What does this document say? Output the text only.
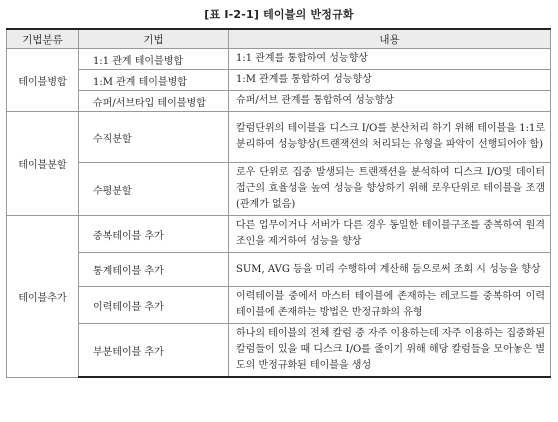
[표 Ⅰ-2-1] 테이블의 반정규화
기법분류	기법	내용
테이블병합	1:1 관계 테이블병합	1:1 관계를 통합하여 성능향상
	1:M 관계 테이블병합	1:M 관계를 통합하여 성능향상
	슈퍼/서브타입 테이블병합	슈퍼/서브 관계를 통합하여 성능향상
테이블분할	수직분할	칼럼단위의 테이블을 디스크 I/O를 분산처리 하기 위해 테이블을 1:1로 분리하여 성능향상(트랜잭션의 처리되는 유형을 파악이 선행되어야 함)
	수평분할	로우 단위로 집중 발생되는 트랜잭션을 분석하여 디스크 I/O및 데이터접근의 효율성을 높여 성능을 향상하기 위해 로우단위로 테이블을 조갬(관계가 없음)
테이블추가	중복테이블 추가	다른 업무이거나 서버가 다른 경우 동일한 테이블구조를 중복하여 원격조인을 제거하여 성능을 향상
	통계테이블 추가	SUM, AVG 등을 미리 수행하여 계산해 둠으로써 조회 시 성능을 향상
	이력테이블 추가	이력테이블 중에서 마스터 테이블에 존재하는 레코드를 중복하여 이력테이블에 존재하는 방법은 반정규화의 유형
	부분테이블 추가	하나의 테이블의 전체 칼럼 중 자주 이용하는데 자주 이용하는 집중화된 칼럼들이 있을 때 디스크 I/O를 줄이기 위해 해당 칼럼들을 모아놓은 별도의 반정규화된 테이블을 생성
